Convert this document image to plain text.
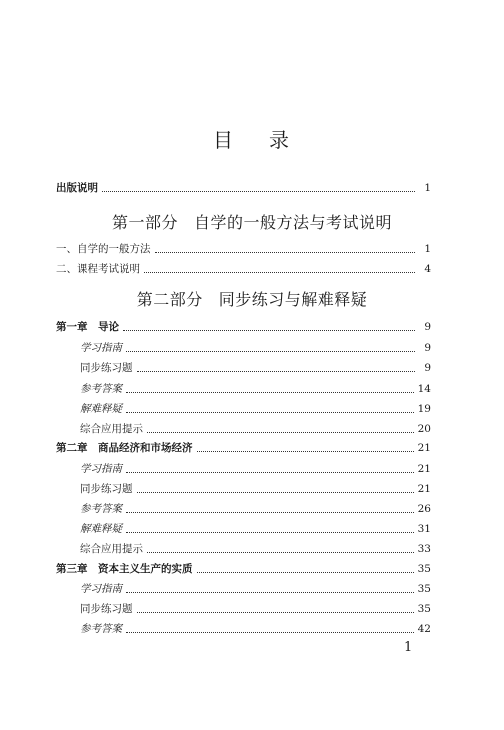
目 录
出版说明	1
第一部分 自学的一般方法与考试说明
一、自学的一般方法	1
二、课程考试说明	4
第二部分 同步练习与解难释疑
第一章　导论	9
学习指南	9
同步练习题	9
参考答案	14
解难释疑	19
综合应用提示	20
第二章　商品经济和市场经济	21
学习指南	21
同步练习题	21
参考答案	26
解难释疑	31
综合应用提示	33
第三章　资本主义生产的实质	35
学习指南	35
同步练习题	35
参考答案	42
1
